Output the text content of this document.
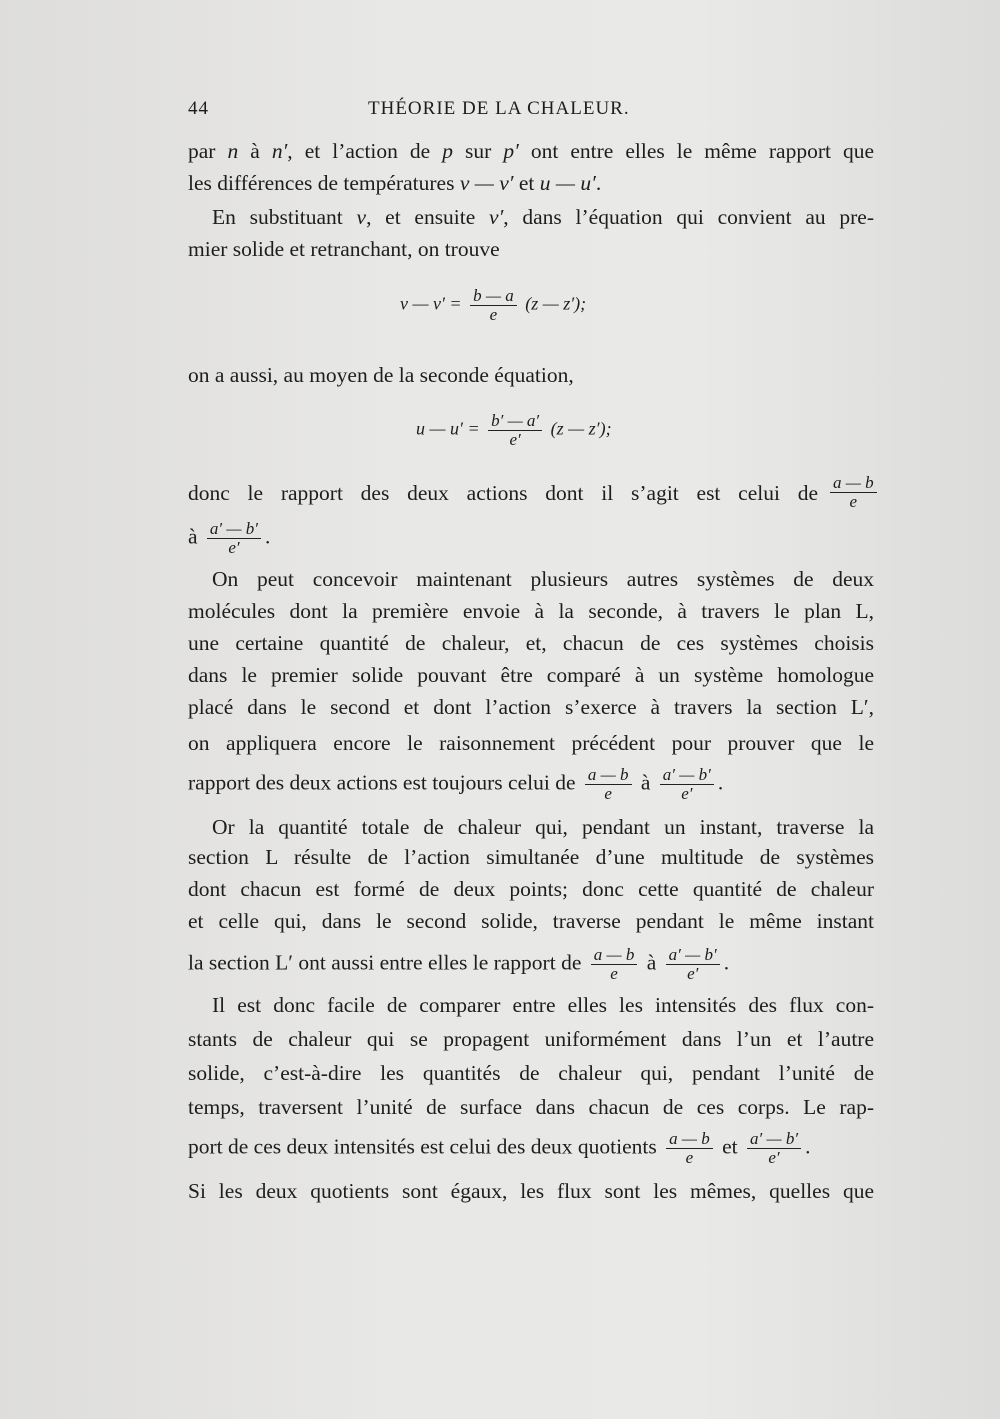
44	THÉORIE DE LA CHALEUR.
par n à n′, et l’action de p sur p′ ont entre elles le même rapport que
les différences de températures v — v′ et u — u′.
En substituant v, et ensuite v′, dans l’équation qui convient au pre-
mier solide et retranchant, on trouve
v — $v' = \frac{b — a}{e} (z$ — z′);
on a aussi, au moyen de la seconde équation,
u — $u' = \frac{b' — a'}{e'} (z$ — z′);
donc le rapport des deux actions dont il s’agit est celui de $\frac{a — b}{e}$
à $\frac{a' — b'}{e'}$ .
On peut concevoir maintenant plusieurs autres systèmes de deux
molécules dont la première envoie à la seconde, à travers le plan L,
une certaine quantité de chaleur, et, chacun de ces systèmes choisis
dans le premier solide pouvant être comparé à un système homologue
placé dans le second et dont l’action s’exerce à travers la section L′,
on appliquera encore le raisonnement précédent pour prouver que le
rapport des deux actions est toujours celui de $\frac{a — b}{e}$ à $\frac{a' — b'}{e'}$ .
Or la quantité totale de chaleur qui, pendant un instant, traverse la
section L résulte de l’action simultanée d’une multitude de systèmes
dont chacun est formé de deux points; donc cette quantité de chaleur
et celle qui, dans le second solide, traverse pendant le même instant
la section L′ ont aussi entre elles le rapport de $\frac{a — b}{e}$ à $\frac{a' — b'}{e'}$ .
Il est donc facile de comparer entre elles les intensités des flux con-
stants de chaleur qui se propagent uniformément dans l’un et l’autre
solide, c’est-à-dire les quantités de chaleur qui, pendant l’unité de
temps, traversent l’unité de surface dans chacun de ces corps. Le rap-
port de ces deux intensités est celui des deux quotients $\frac{a — b}{e}$ et $\frac{a' — b'}{e'}$ .
Si les deux quotients sont égaux, les flux sont les mêmes, quelles que
